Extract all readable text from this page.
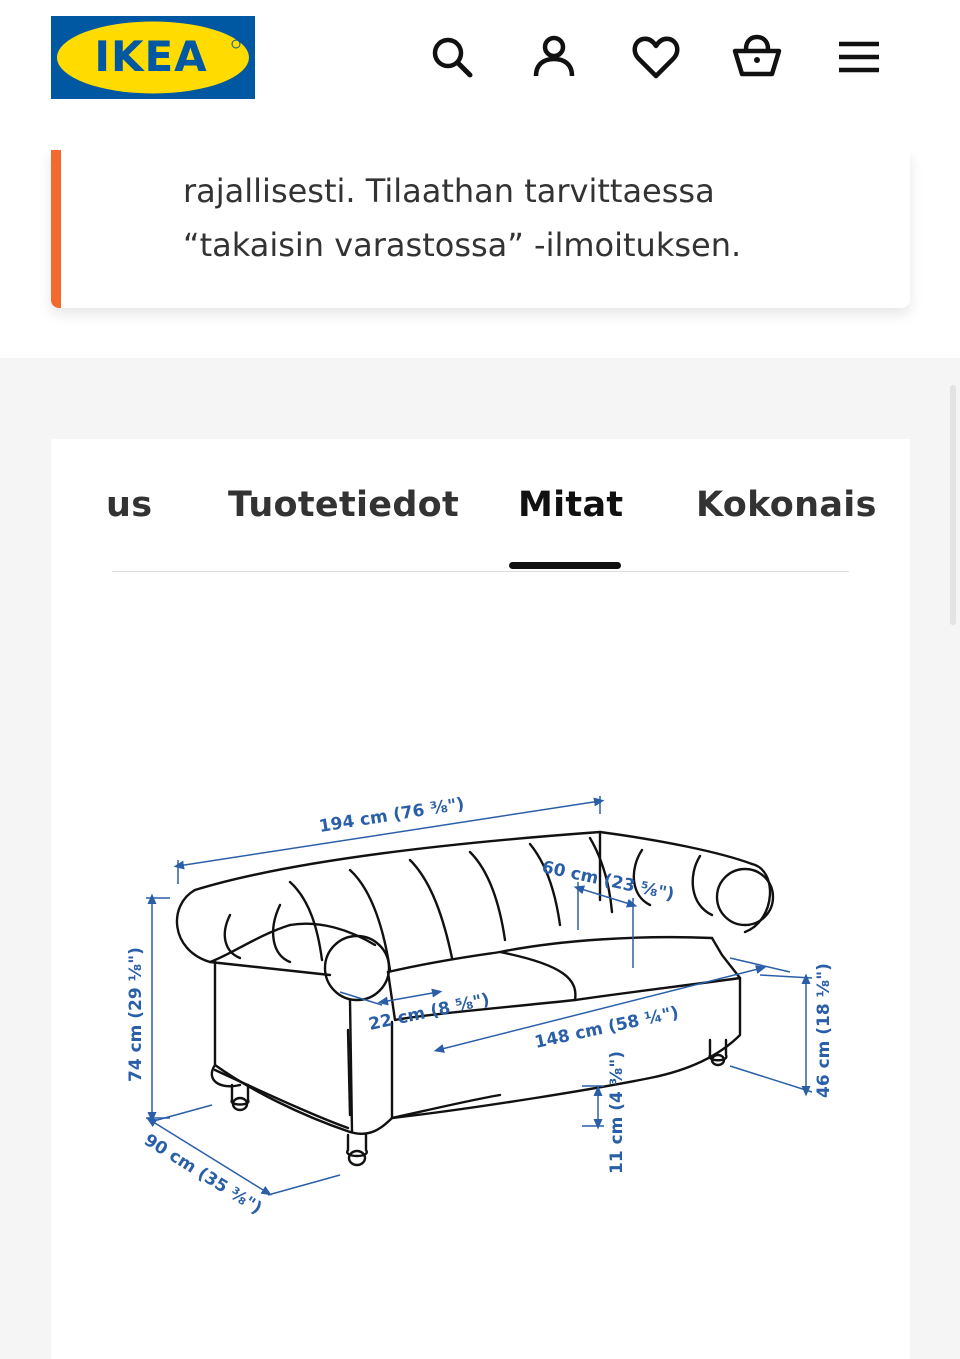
IKEA
rajallisesti. Tilaathan tarvittaessa
“takaisin varastossa” -ilmoituksen.
us Tuotetiedot Mitat Kokonais
194 cm (76 ⅜")
60 cm (23 ⅝")
22 cm (8 ⅝") 148 cm (58 ¼")
74 cm (29 ⅛")	46 cm (18 ⅛")
90 cm (35 ⅜")
11 cm (4 ⅜")
